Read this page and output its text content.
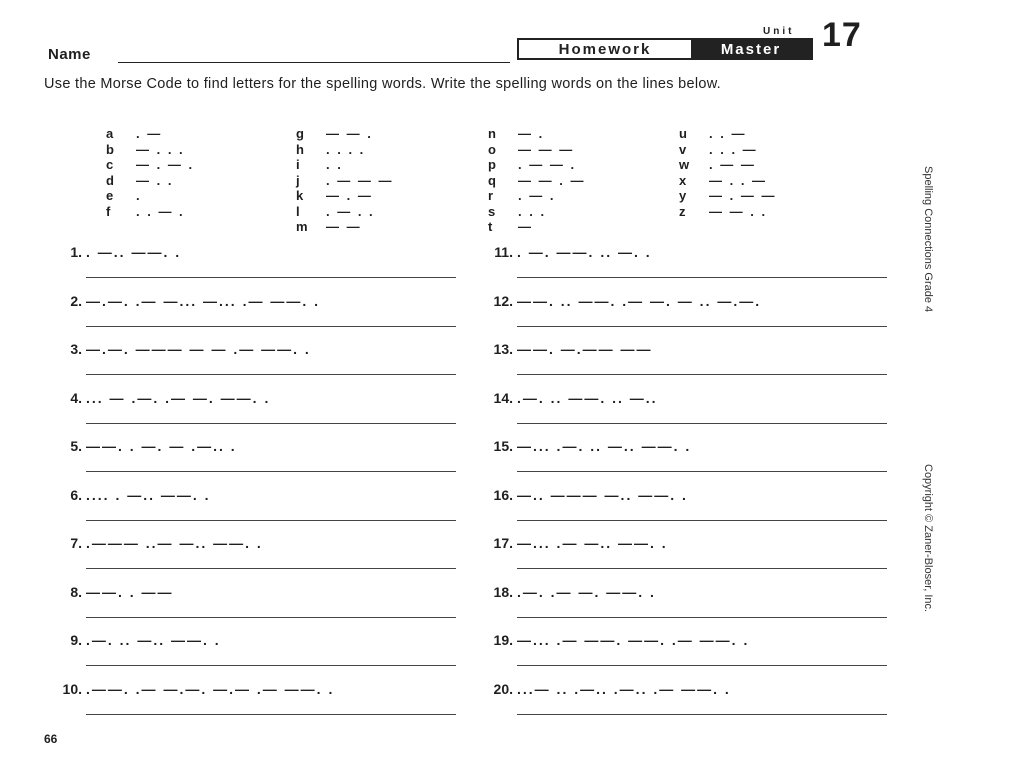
Name
Unit 17
Homework	Master
Use the Morse Code to find letters for the spelling words. Write the spelling words on the lines below.
a . —
b — . . .
c — . — .
d — . .
e .
f . . — .
g — — .
h . . . .
i . .
j . — — —
k — . —
l . — . .
m — —
n — .
o — — —
p . — — .
q — — . —
r . — .
s . . .
t —
u . . —
v . . . —
w . — —
x — . . —
y — . — —
z — — . .
1. . —.. ——. .
2. —.—. .— —... —... .— ——. .
3. —.—. ——— — — .— ——. .
4. ... — .—. .— —. ——. .
5. ——. . —. — .—.. .
6. .... . —.. ——. .
7. .——— ..— —.. ——. .
8. ——. . ——
9. .—. .. —.. ——. .
10. .——. .— —.—. —.— .— ——. .
11. . —. ——. .. —. .
12. ——. .. ——. .— —. — .. —.—.
13. ——. —.—— ——
14. .—. .. ——. .. —..
15. —... .—. .. —.. ——. .
16. —.. ——— —.. ——. .
17. —... .— —.. ——. .
18. .—. .— —. ——. .
19. —... .— ——. ——. .— ——. .
20. ...— .. .—.. .—.. .— ——. .
Spelling Connections Grade 4
Copyright © Zaner-Bloser, Inc.
66
